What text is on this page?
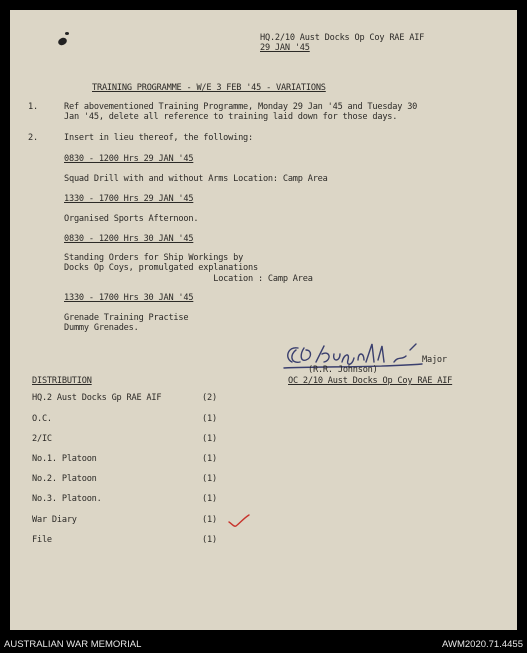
HQ.2/10 Aust Docks Op Coy RAE AIF
29 JAN '45
TRAINING PROGRAMME - W/E 3 FEB '45 - VARIATIONS
1.	Ref abovementioned Training Programme, Monday 29 Jan '45 and Tuesday 30
Jan '45, delete all reference to training laid down for those days.
2.	Insert in lieu thereof, the following:
0830 - 1200 Hrs 29 JAN '45
Squad Drill with and without Arms Location: Camp Area
1330 - 1700 Hrs 29 JAN '45
Organised Sports Afternoon.
0830 - 1200 Hrs 30 JAN '45
Standing Orders for Ship Workings by
Docks Op Coys, promulgated explanations
Location : Camp Area
1330 - 1700 Hrs 30 JAN '45
Grenade Training Practise
Dummy Grenades.
Major
(R.R. Johnson)
OC 2/10 Aust Docks Op Coy RAE AIF
DISTRIBUTION
HQ.2 Aust Docks Gp RAE AIF	(2)
O.C.	(1)
2/IC	(1)
No.1. Platoon	(1)
No.2. Platoon	(1)
No.3. Platoon.	(1)
War Diary	(1)
File	(1)
AUSTRALIAN WAR MEMORIAL	AWM2020.71.4455
